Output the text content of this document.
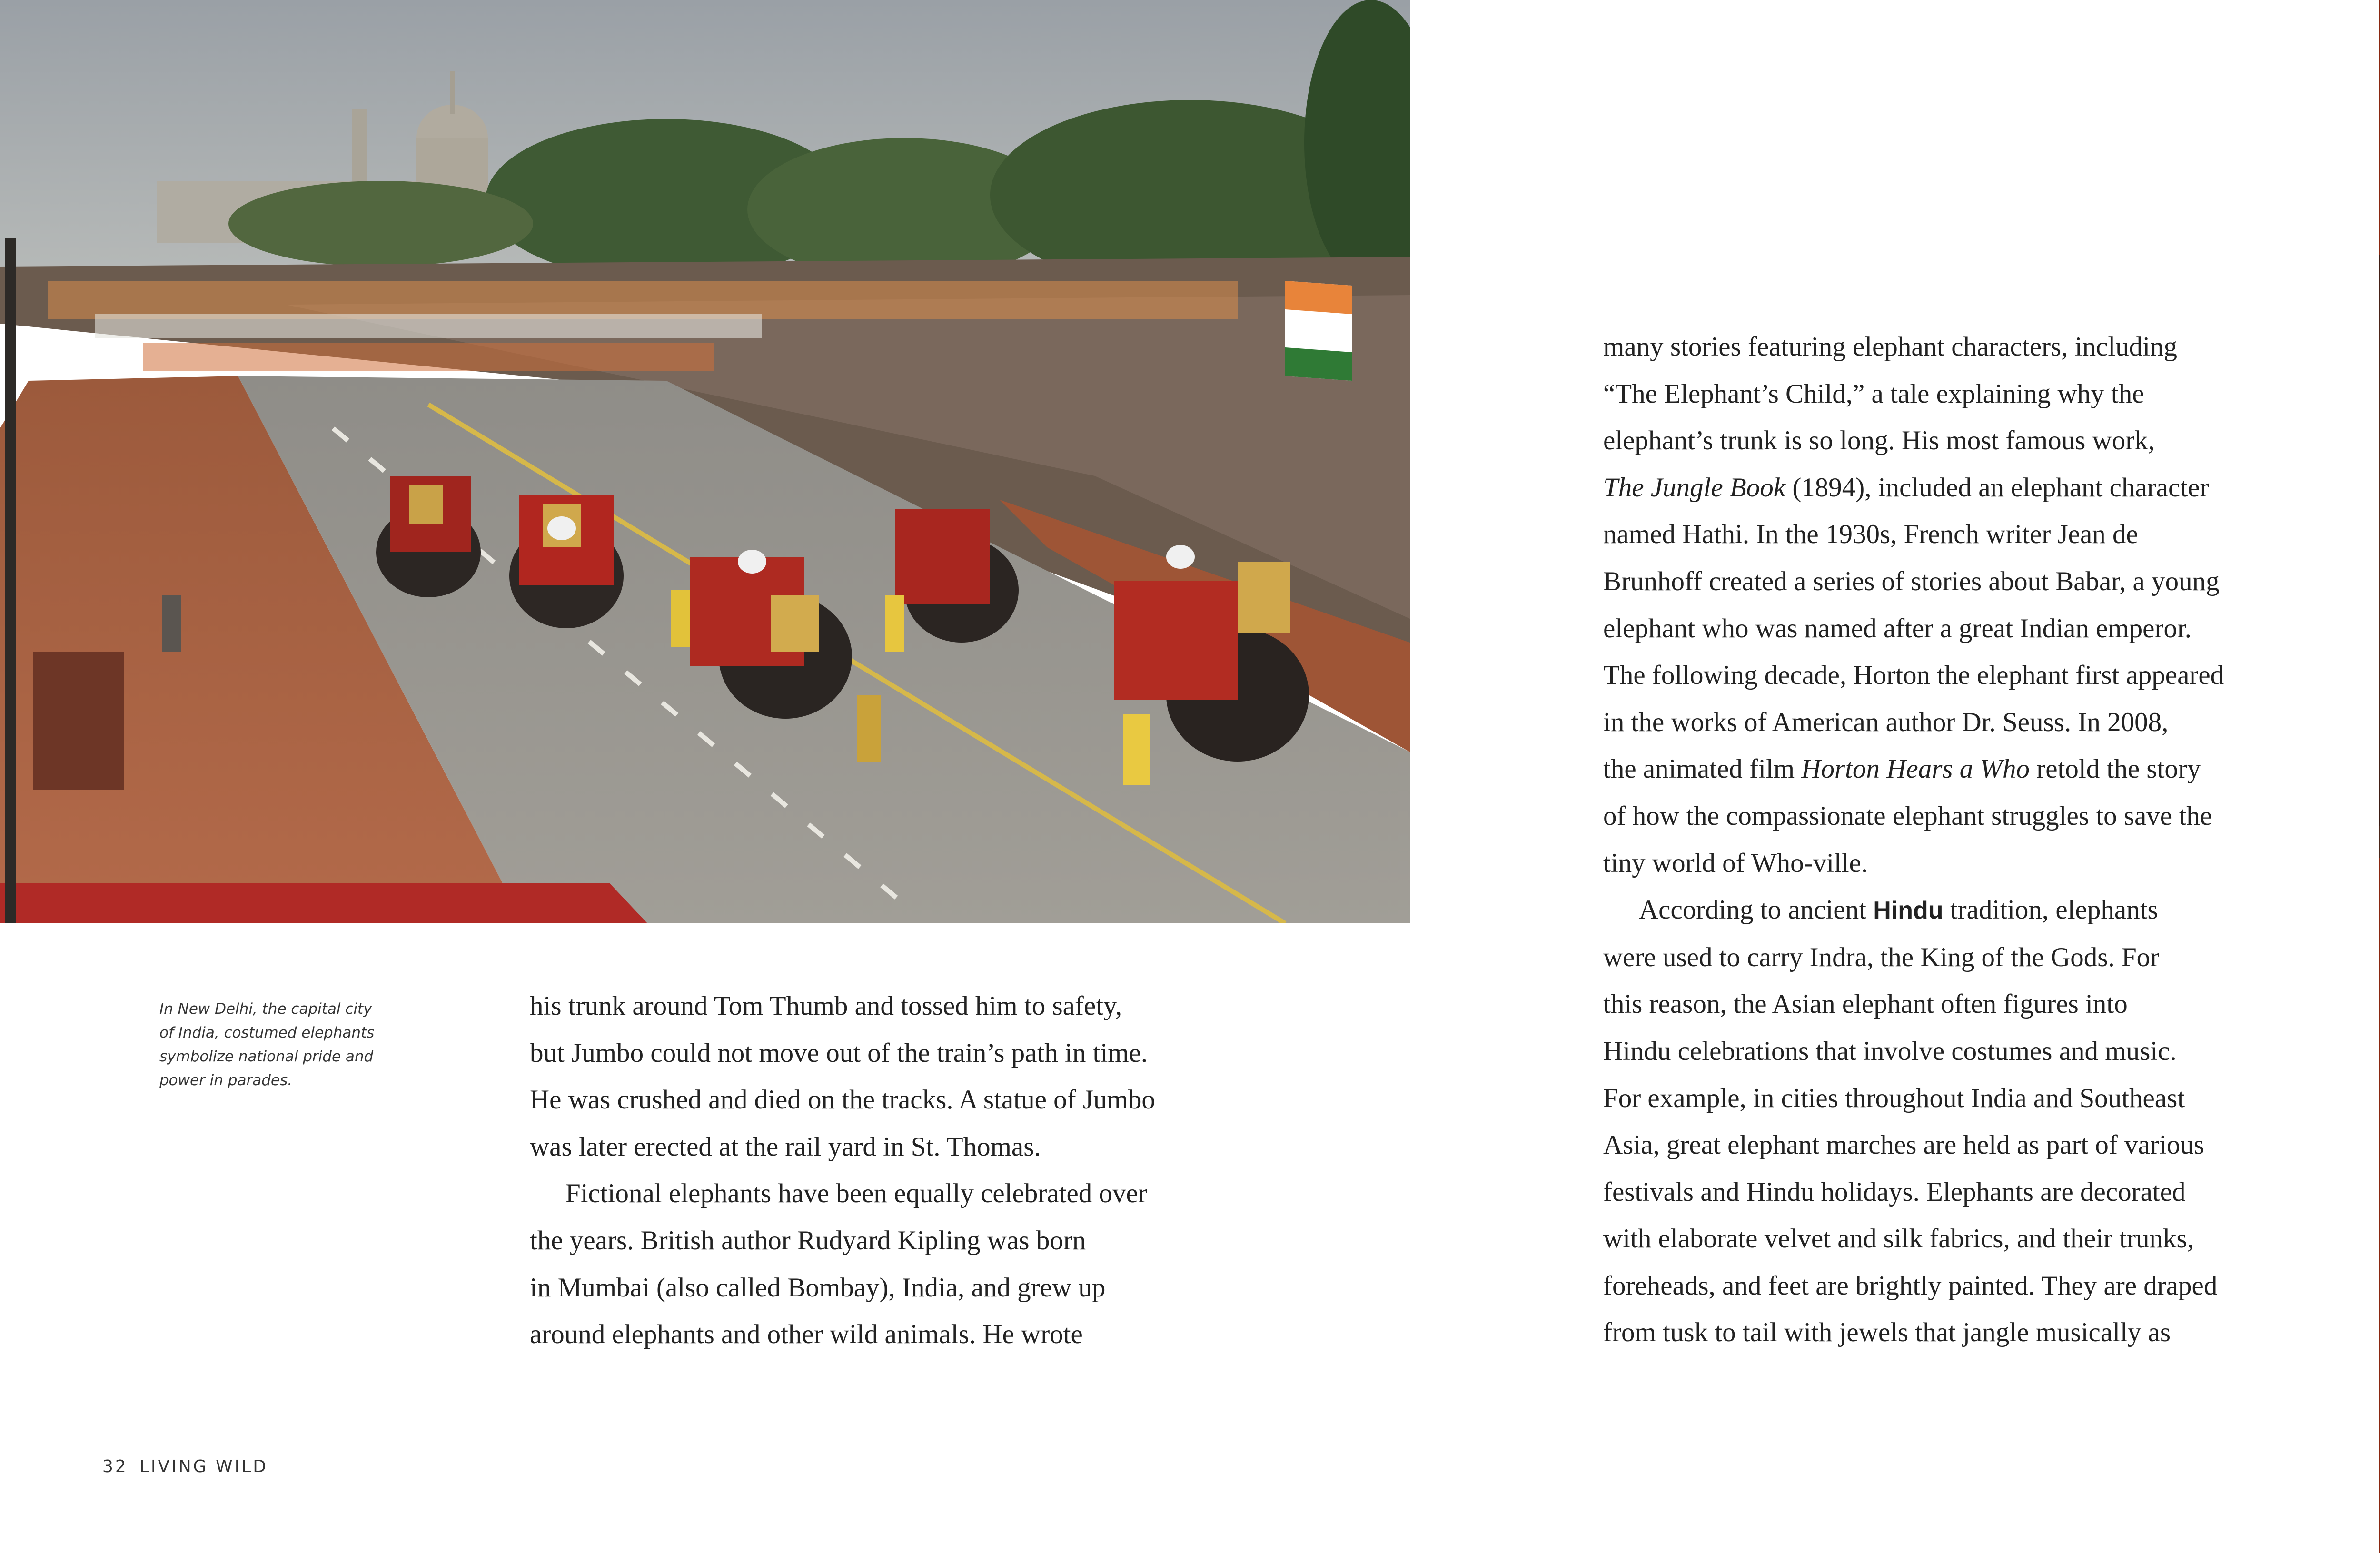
In New Delhi, the capital city
of India, costumed elephants
symbolize national pride and
power in parades.
his trunk around Tom Thumb and tossed him to safety,
but Jumbo could not move out of the train’s path in time.
He was crushed and died on the tracks. A statue of Jumbo
was later erected at the rail yard in St. Thomas.
Fictional elephants have been equally celebrated over
the years. British author Rudyard Kipling was born
in Mumbai (also called Bombay), India, and grew up
around elephants and other wild animals. He wrote
32 LIVING WILD
many stories featuring elephant characters, including
“The Elephant’s Child,” a tale explaining why the
elephant’s trunk is so long. His most famous work,
The Jungle Book (1894), included an elephant character
named Hathi. In the 1930s, French writer Jean de
Brunhoff created a series of stories about Babar, a young
elephant who was named after a great Indian emperor.
The following decade, Horton the elephant first appeared
in the works of American author Dr. Seuss. In 2008,
the animated film Horton Hears a Who retold the story
of how the compassionate elephant struggles to save the
tiny world of Who-ville.
According to ancient Hindu tradition, elephants
were used to carry Indra, the King of the Gods. For
this reason, the Asian elephant often figures into
Hindu celebrations that involve costumes and music.
For example, in cities throughout India and Southeast
Asia, great elephant marches are held as part of various
festivals and Hindu holidays. Elephants are decorated
with elaborate velvet and silk fabrics, and their trunks,
foreheads, and feet are brightly painted. They are draped
from tusk to tail with jewels that jangle musically as
